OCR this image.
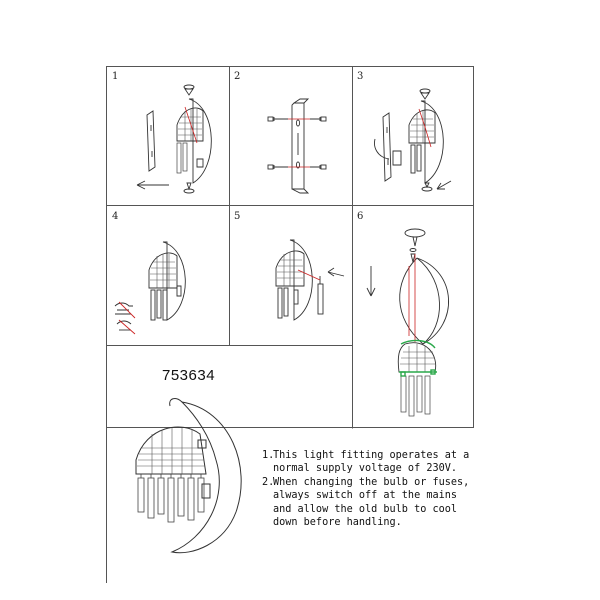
1	2	3
4	5	6
753634

1.
This light fitting operates at a
normal supply voltage of 230V.

2.
When changing the bulb or fuses,
always switch off at the mains
and allow the old bulb to cool
down before handling.
